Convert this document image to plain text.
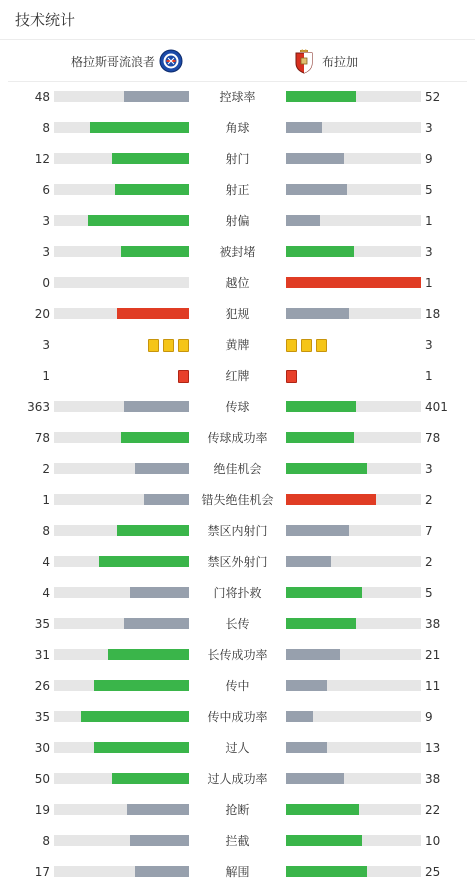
技术统计
格拉斯哥流浪者	布拉加
48	控球率	52
8	角球	3
12	射门	9
6	射正	5
3	射偏	1
3	被封堵	3
0	越位	1
20	犯规	18
3	黄牌	3
1	红牌	1
363	传球	401
78	传球成功率	78
2	绝佳机会	3
1	错失绝佳机会	2
8	禁区内射门	7
4	禁区外射门	2
4	门将扑救	5
35	长传	38
31	长传成功率	21
26	传中	11
35	传中成功率	9
30	过人	13
50	过人成功率	38
19	抢断	22
8	拦截	10
17	解围	25
